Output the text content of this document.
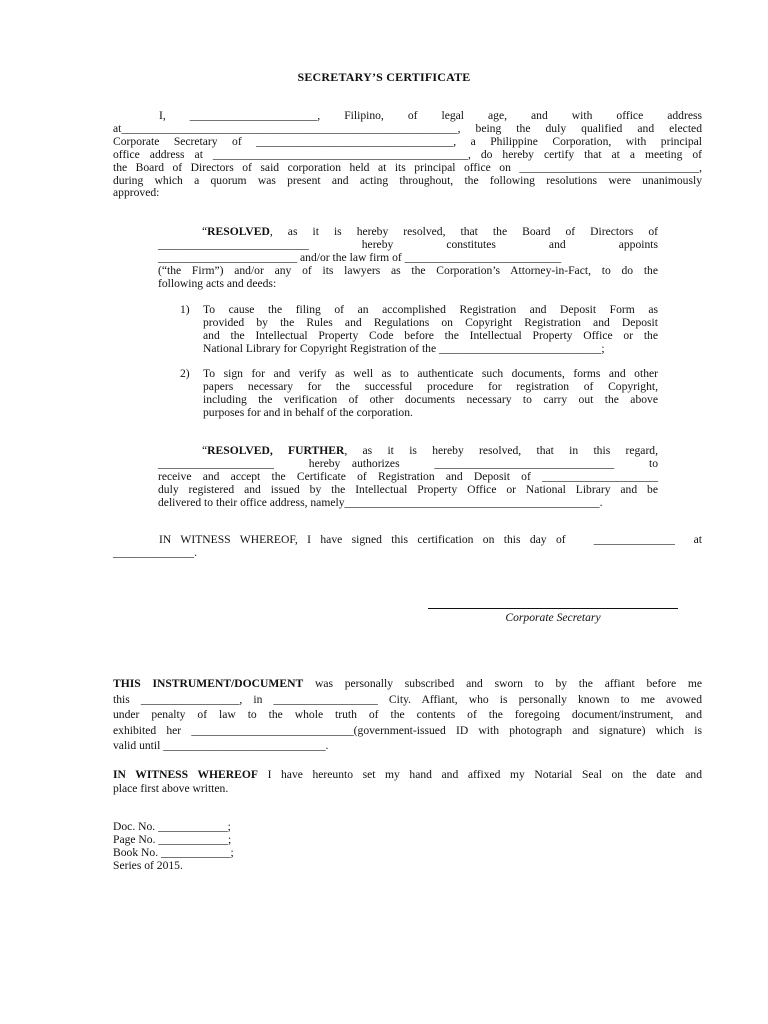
SECRETARY’S CERTIFICATE
I,  ______________________,  Filipino,  of  legal  age,  and  with  office  address
at__________________________________________________________, being the duly qualified and elected
Corporate  Secretary  of  __________________________________,  a  Philippine  Corporation,  with  principal
office address at ____________________________________________, do hereby certify that at a meeting of
the Board of Directors of said corporation held at its principal office on _______________________________,
during which a quorum was present and acting throughout, the following resolutions were unanimously
approved:
“RESOLVED, as it is hereby resolved, that the Board of Directors of
__________________________          hereby          constitutes          and          appoints
________________________ and/or the law firm of ___________________________
(“the Firm”) and/or any of its lawyers as the Corporation’s Attorney-in-Fact, to do the
following acts and deeds:
1) To cause the filing of an accomplished Registration and Deposit Form as
provided by the Rules and Regulations on Copyright Registration and Deposit
and the Intellectual Property Code before the Intellectual Property Office or the
National Library for Copyright Registration of the ____________________________;
2) To sign for and verify as well as to authenticate such documents, forms and other
papers necessary for the successful procedure for registration of Copyright,
including the verification of other documents necessary to carry out the above
purposes for and in behalf of the corporation.
“RESOLVED, FURTHER, as it is hereby resolved, that in this regard,
____________________   hereby authorizes   _______________________________   to
receive and accept the Certificate of Registration and Deposit of ____________________
duly registered and issued by the Intellectual Property Office or National Library and be
delivered to their office address, namely____________________________________________.
IN WITNESS WHEREOF, I have signed this certification on this day of   ______________  at
______________.
Corporate Secretary
THIS INSTRUMENT/DOCUMENT was personally subscribed and sworn to by the affiant before me
this _________________, in __________________ City. Affiant, who is personally known to me avowed
under penalty of law to the whole truth of the contents of the foregoing document/instrument, and
exhibited her ____________________________(government-issued ID with photograph and signature) which is
valid until ____________________________.
IN WITNESS WHEREOF I have hereunto set my hand and affixed my Notarial Seal on the date and
place first above written.
Doc. No. ____________;
Page No. ____________;
Book No. ____________;
Series of 2015.
